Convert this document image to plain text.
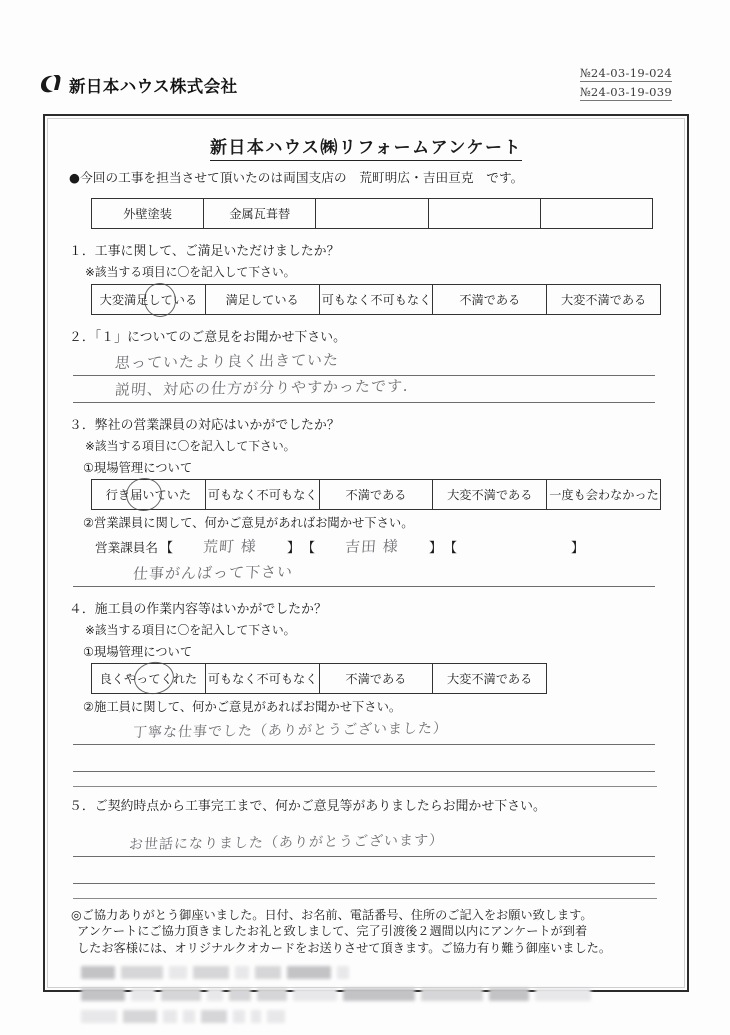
新日本ハウス株式会社
№24-03-19-024
№24-03-19-039
新日本ハウス㈱リフォームアンケート
●今回の工事を担当させて頂いたのは両国支店の　荒町明広・吉田亘克　です。
外壁塗装	金属瓦葺替			
１．工事に関して、ご満足いただけましたか？
※該当する項目に〇を記入して下さい。
大変満足している	満足している	可もなく不可もなく	不満である	大変不満である
２．「１」についてのご意見をお聞かせ下さい。
思っていたより良く出きていた
説明、対応の仕方が分りやすかったです.
３．弊社の営業課員の対応はいかがでしたか？
※該当する項目に〇を記入して下さい。
①現場管理について
行き届いていた	可もなく不可もなく	不満である	大変不満である	一度も会わなかった
②営業課員に関して、何かご意見があればお聞かせ下さい。
営業課員名 【	荒町 様	】 【	吉田 様	】 【	】
仕事がんばって下さい
４．施工員の作業内容等はいかがでしたか？
※該当する項目に〇を記入して下さい。
①現場管理について
良くやってくれた	可もなく不可もなく	不満である	大変不満である
②施工員に関して、何かご意見があればお聞かせ下さい。
丁寧な仕事でした（ありがとうございました）
５．ご契約時点から工事完工まで、何かご意見等がありましたらお聞かせ下さい。
お世話になりました（ありがとうございます）
◎ご協力ありがとう御座いました。日付、お名前、電話番号、住所のご記入をお願い致します。
アンケートにご協力頂きましたお礼と致しまして、完了引渡後２週間以内にアンケートが到着
したお客様には、オリジナルクオカードをお送りさせて頂きます。ご協力有り難う御座いました。
